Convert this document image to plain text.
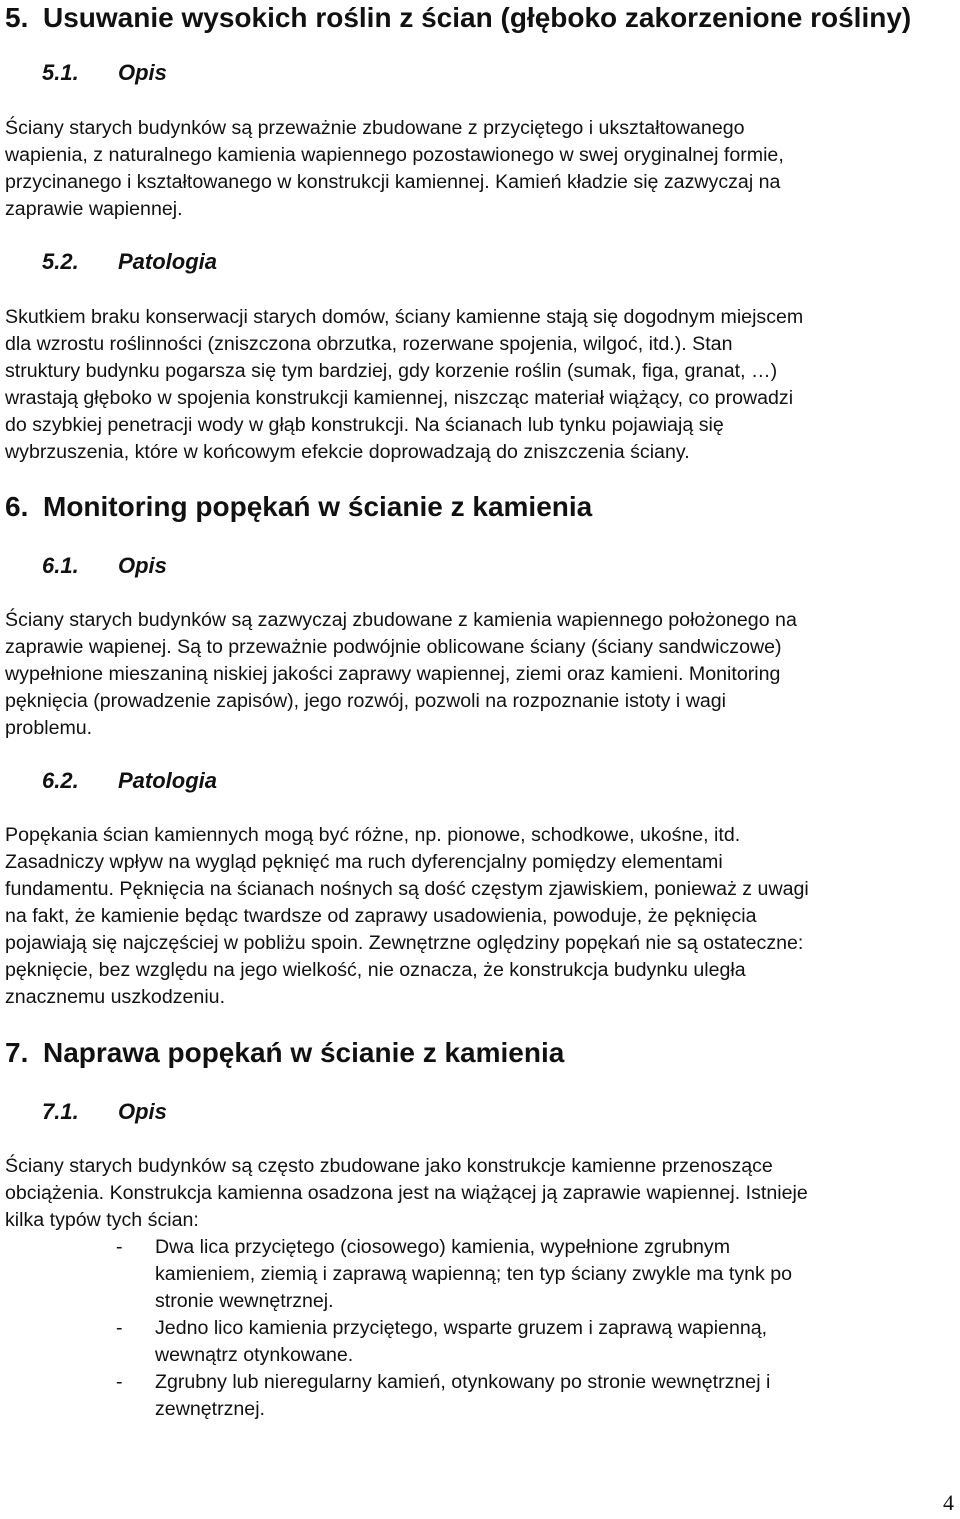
5. Usuwanie wysokich roślin z ścian (głęboko zakorzenione rośliny)

5.1. Opis

Ściany starych budynków są przeważnie zbudowane z przyciętego i ukształtowanego

wapienia, z naturalnego kamienia wapiennego pozostawionego w swej oryginalnej formie,

przycinanego i kształtowanego w konstrukcji kamiennej. Kamień kładzie się zazwyczaj na

zaprawie wapiennej.

5.2. Patologia

Skutkiem braku konserwacji starych domów, ściany kamienne stają się dogodnym miejscem

dla wzrostu roślinności (zniszczona obrzutka, rozerwane spojenia, wilgoć, itd.). Stan

struktury budynku pogarsza się tym bardziej, gdy korzenie roślin (sumak, figa, granat, …)

wrastają głęboko w spojenia konstrukcji kamiennej, niszcząc materiał wiążący, co prowadzi

do szybkiej penetracji wody w głąb konstrukcji. Na ścianach lub tynku pojawiają się

wybrzuszenia, które w końcowym efekcie doprowadzają do zniszczenia ściany.

6. Monitoring popękań w ścianie z kamienia

6.1. Opis

Ściany starych budynków są zazwyczaj zbudowane z kamienia wapiennego położonego na

zaprawie wapienej. Są to przeważnie podwójnie oblicowane ściany (ściany sandwiczowe)

wypełnione mieszaniną niskiej jakości zaprawy wapiennej, ziemi oraz kamieni. Monitoring

pęknięcia (prowadzenie zapisów), jego rozwój, pozwoli na rozpoznanie istoty i wagi

problemu.

6.2. Patologia

Popękania ścian kamiennych mogą być różne, np. pionowe, schodkowe, ukośne, itd.

Zasadniczy wpływ na wygląd pęknięć ma ruch dyferencjalny pomiędzy elementami

fundamentu. Pęknięcia na ścianach nośnych są dość częstym zjawiskiem, ponieważ z uwagi

na fakt, że kamienie będąc twardsze od zaprawy usadowienia, powoduje, że pęknięcia

pojawiają się najczęściej w pobliżu spoin. Zewnętrzne oględziny popękań nie są ostateczne:

pęknięcie, bez względu na jego wielkość, nie oznacza, że konstrukcja budynku uległa

znacznemu uszkodzeniu.

7. Naprawa popękań w ścianie z kamienia

7.1. Opis

Ściany starych budynków są często zbudowane jako konstrukcje kamienne przenoszące

obciążenia. Konstrukcja kamienna osadzona jest na wiążącej ją zaprawie wapiennej. Istnieje

kilka typów tych ścian:

- Dwa lica przyciętego (ciosowego) kamienia, wypełnione zgrubnym

kamieniem, ziemią i zaprawą wapienną; ten typ ściany zwykle ma tynk po

stronie wewnętrznej.

- Jedno lico kamienia przyciętego, wsparte gruzem i zaprawą wapienną,

wewnątrz otynkowane.

- Zgrubny lub nieregularny kamień, otynkowany po stronie wewnętrznej i

zewnętrznej.

4
